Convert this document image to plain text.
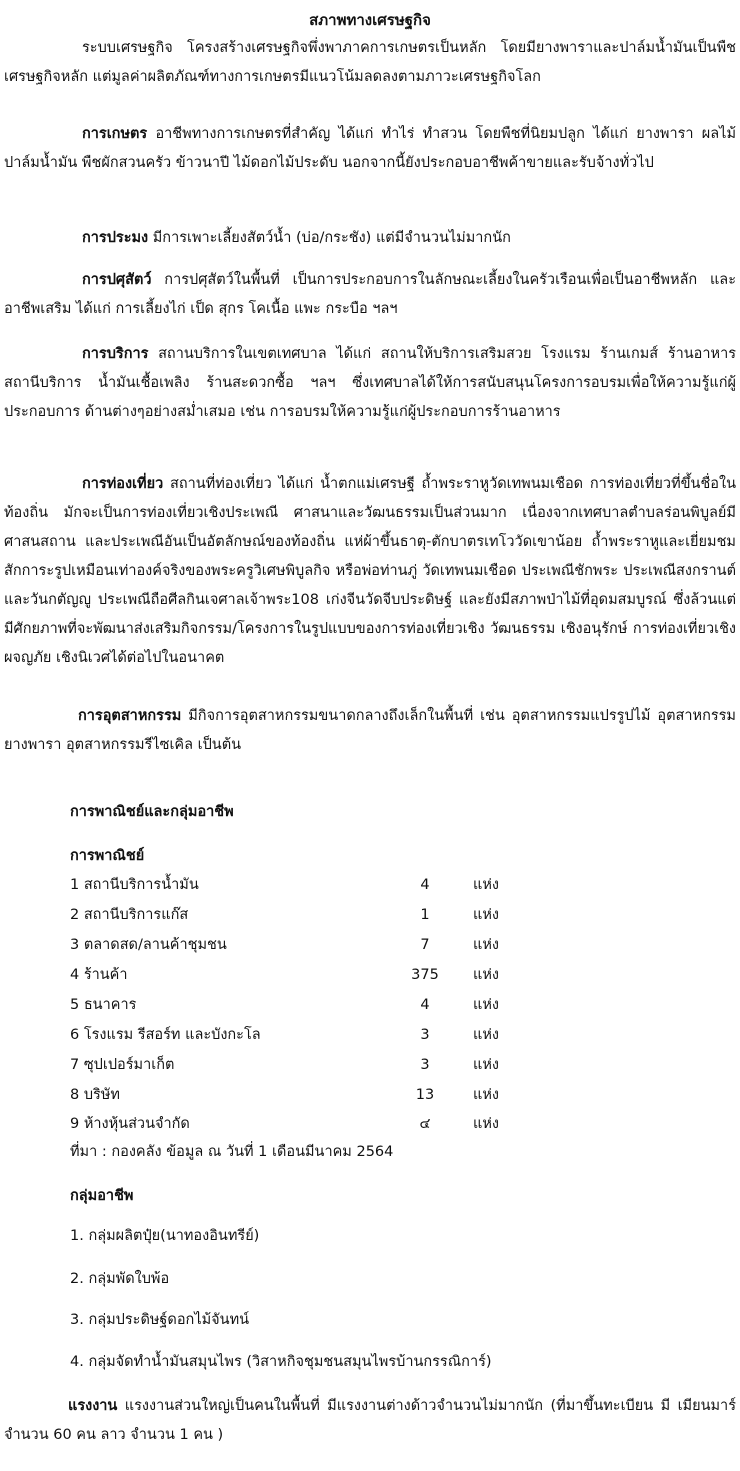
สภาพทางเศรษฐกิจ

ระบบเศรษฐกิจ โครงสร้างเศรษฐกิจพึ่งพาภาคการเกษตรเป็นหลัก โดยมียางพาราและปาล์มน้ำมันเป็นพืชเศรษฐกิจหลัก แต่มูลค่าผลิตภัณฑ์ทางการเกษตรมีแนวโน้มลดลงตามภาวะเศรษฐกิจโลก

การเกษตร อาชีพทางการเกษตรที่สำคัญ ได้แก่ ทำไร่ ทำสวน โดยพืชที่นิยมปลูก ได้แก่ ยางพารา ผลไม้ ปาล์มน้ำมัน พืชผักสวนครัว ข้าวนาปี ไม้ดอกไม้ประดับ นอกจากนี้ยังประกอบอาชีพค้าขายและรับจ้างทั่วไป

การประมง มีการเพาะเลี้ยงสัตว์น้ำ (บ่อ/กระชัง) แต่มีจำนวนไม่มากนัก

การปศุสัตว์ การปศุสัตว์ในพื้นที่ เป็นการประกอบการในลักษณะเลี้ยงในครัวเรือนเพื่อเป็นอาชีพหลัก และอาชีพเสริม ได้แก่ การเลี้ยงไก่ เป็ด สุกร โคเนื้อ แพะ กระบือ ฯลฯ

การบริการ สถานบริการในเขตเทศบาล ได้แก่ สถานให้บริการเสริมสวย โรงแรม ร้านเกมส์ ร้านอาหาร สถานีบริการ น้ำมันเชื้อเพลิง ร้านสะดวกซื้อ ฯลฯ ซึ่งเทศบาลได้ให้การสนับสนุนโครงการอบรมเพื่อให้ความรู้แก่ผู้ประกอบการ ด้านต่างๆอย่างสม่ำเสมอ เช่น การอบรมให้ความรู้แก่ผู้ประกอบการร้านอาหาร

การท่องเที่ยว สถานที่ท่องเที่ยว ได้แก่ น้ำตกแม่เศรษฐี ถ้ำพระราหูวัดเทพนมเชือด การท่องเที่ยวที่ขึ้นชื่อในท้องถิ่น มักจะเป็นการท่องเที่ยวเชิงประเพณี ศาสนาและวัฒนธรรมเป็นส่วนมาก เนื่องจากเทศบาลตำบลร่อนพิบูลย์มี ศาสนสถาน และประเพณีอันเป็นอัตลักษณ์ของท้องถิ่น แห่ผ้าขึ้นธาตุ-ตักบาตรเทโววัดเขาน้อย ถ้ำพระราหูและเยี่ยมชมสักการะรูปเหมือนเท่าองค์จริงของพระครูวิเศษพิบูลกิจ หรือพ่อท่านภู่ วัดเทพนมเชือด ประเพณีชักพระ ประเพณีสงกรานต์และวันกตัญญู ประเพณีถือศีลกินเจศาลเจ้าพระ108 เก่งจีนวัดจีบประดิษฐ์ และยังมีสภาพป่าไม้ที่อุดมสมบูรณ์ ซึ่งล้วนแต่มีศักยภาพที่จะพัฒนาส่งเสริมกิจกรรม/โครงการในรูปแบบของการท่องเที่ยวเชิง วัฒนธรรม เชิงอนุรักษ์ การท่องเที่ยวเชิงผจญภัย เชิงนิเวศได้ต่อไปในอนาคต

การอุตสาหกรรม มีกิจการอุตสาหกรรมขนาดกลางถึงเล็กในพื้นที่ เช่น อุตสาหกรรมแปรรูปไม้ อุตสาหกรรมยางพารา อุตสาหกรรมรีไซเคิล เป็นต้น

การพาณิชย์และกลุ่มอาชีพ
การพาณิชย์
1 สถานีบริการน้ำมัน	4	แห่ง
2 สถานีบริการแก๊ส	1	แห่ง
3 ตลาดสด/ลานค้าชุมชน	7	แห่ง
4 ร้านค้า	375	แห่ง
5 ธนาคาร	4	แห่ง
6 โรงแรม รีสอร์ท และบังกะโล	3	แห่ง
7 ซุปเปอร์มาเก็ต	3	แห่ง
8 บริษัท	13	แห่ง
9 ห้างหุ้นส่วนจำกัด	๔	แห่ง
ที่มา : กองคลัง ข้อมูล ณ วันที่ 1 เดือนมีนาคม 2564
กลุ่มอาชีพ
1. กลุ่มผลิตปุ๋ย(นาทองอินทรีย์)
2. กลุ่มพัดใบพ้อ
3. กลุ่มประดิษฐ์ดอกไม้จันทน์
4. กลุ่มจัดทำน้ำมันสมุนไพร (วิสาหกิจชุมชนสมุนไพรบ้านกรรณิการ์)

แรงงาน แรงงานส่วนใหญ่เป็นคนในพื้นที่ มีแรงงานต่างด้าวจำนวนไม่มากนัก (ที่มาขึ้นทะเบียน มี เมียนมาร์ จำนวน 60 คน ลาว จำนวน 1 คน )
